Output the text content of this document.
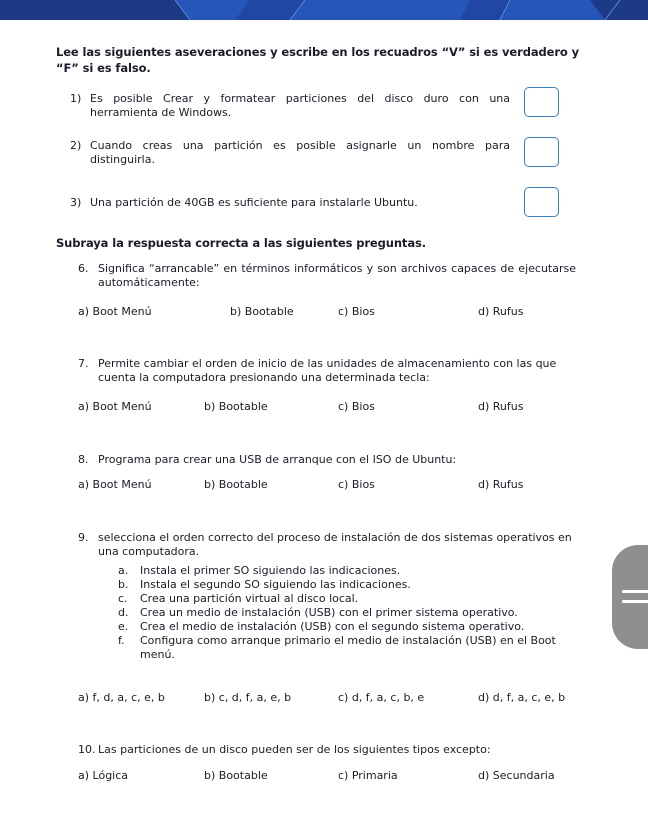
Lee las siguientes aseveraciones y escribe en los recuadros “V” si es verdadero y “F” si es falso.
1) Es posible Crear y formatear particiones del disco duro con una herramienta de Windows.
2) Cuando creas una partición es posible asignarle un nombre para distinguirla.
3) Una partición de 40GB es suficiente para instalarle Ubuntu.
Subraya la respuesta correcta a las siguientes preguntas.
6. Significa “arrancable” en términos informáticos y son archivos capaces de ejecutarse automáticamente:
a) Boot Menú	b) Bootable	c) Bios	d) Rufus
7. Permite cambiar el orden de inicio de las unidades de almacenamiento con las que cuenta la computadora presionando una determinada tecla:
a) Boot Menú	b) Bootable	c) Bios	d) Rufus
8. Programa para crear una USB de arranque con el ISO de Ubuntu:
a) Boot Menú	b) Bootable	c) Bios	d) Rufus
9. selecciona el orden correcto del proceso de instalación de dos sistemas operativos en una computadora.
a. Instala el primer SO siguiendo las indicaciones.
b. Instala el segundo SO siguiendo las indicaciones.
c. Crea una partición virtual al disco local.
d. Crea un medio de instalación (USB) con el primer sistema operativo.
e. Crea el medio de instalación (USB) con el segundo sistema operativo.
f. Configura como arranque primario el medio de instalación (USB) en el Boot menú.
a) f, d, a, c, e, b	b) c, d, f, a, e, b	c) d, f, a, c, b, e	d) d, f, a, c, e, b
10. Las particiones de un disco pueden ser de los siguientes tipos excepto:
a) Lógica	b) Bootable	c) Primaria	d) Secundaria
